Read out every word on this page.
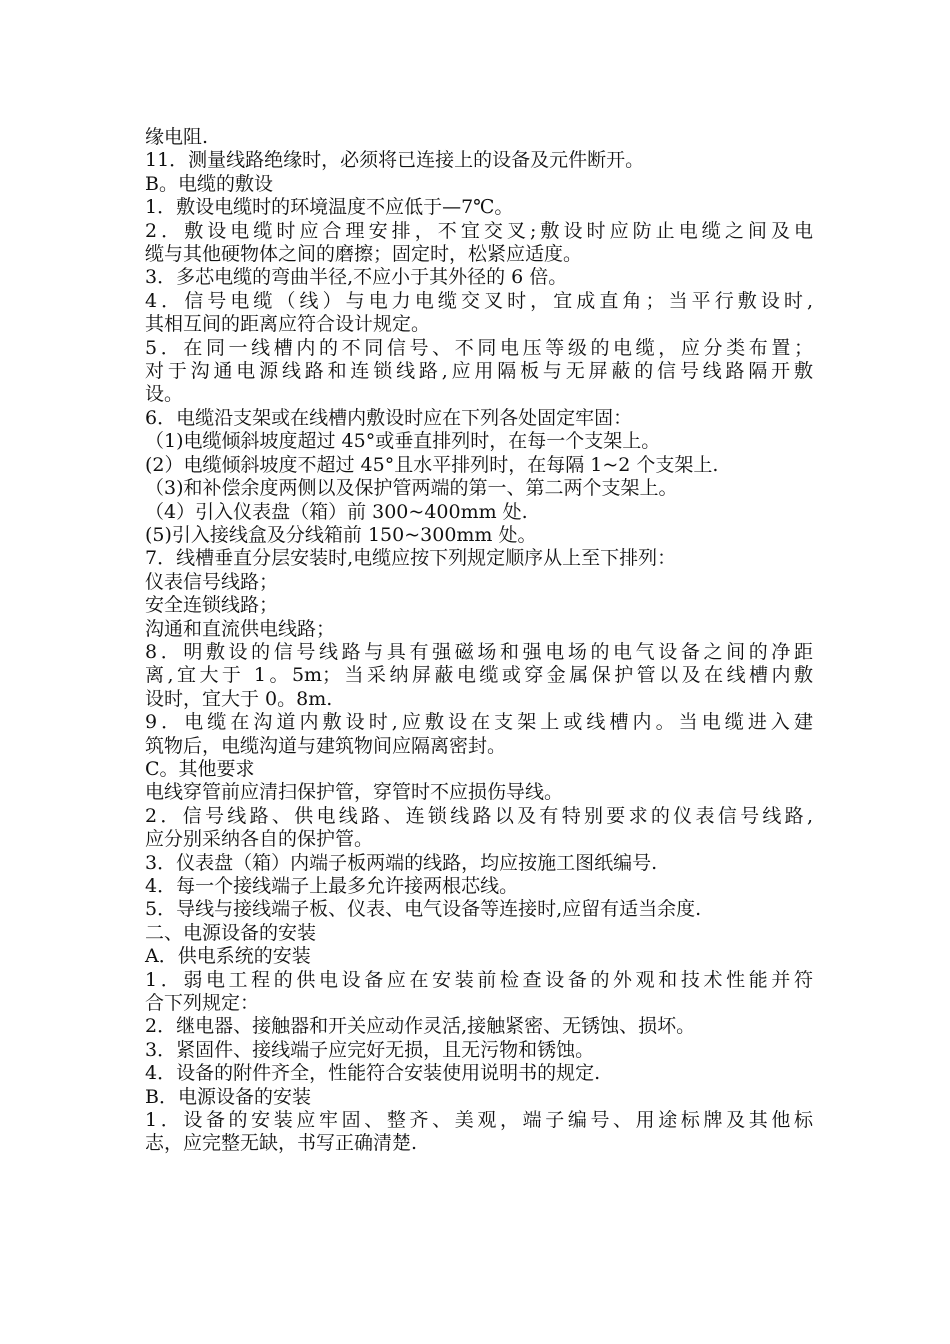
缘电阻.
11．测量线路绝缘时，必须将已连接上的设备及元件断开。
B。电缆的敷设
1．敷设电缆时的环境温度不应低于—7℃。
2．敷设电缆时应合理安排，不宜交叉;敷设时应防止电缆之间及电
缆与其他硬物体之间的磨擦；固定时，松紧应适度。
3．多芯电缆的弯曲半径,不应小于其外径的 6 倍。
4．信号电缆（线）与电力电缆交叉时，宜成直角；当平行敷设时,
其相互间的距离应符合设计规定。
5．在同一线槽内的不同信号、不同电压等级的电缆，应分类布置；
对于沟通电源线路和连锁线路,应用隔板与无屏蔽的信号线路隔开敷
设。
6．电缆沿支架或在线槽内敷设时应在下列各处固定牢固：
（1)电缆倾斜坡度超过 45°或垂直排列时，在每一个支架上。
(2）电缆倾斜坡度不超过 45°且水平排列时，在每隔 1~2 个支架上.
（3)和补偿余度两侧以及保护管两端的第一、第二两个支架上。
（4）引入仪表盘（箱）前 300~400mm 处.
(5)引入接线盒及分线箱前 150~300mm 处。
7．线槽垂直分层安装时,电缆应按下列规定顺序从上至下排列：
仪表信号线路；
安全连锁线路；
沟通和直流供电线路；
8．明敷设的信号线路与具有强磁场和强电场的电气设备之间的净距
离,宜大于 1。5m；当采纳屏蔽电缆或穿金属保护管以及在线槽内敷
设时，宜大于 0。8m.
9．电缆在沟道内敷设时,应敷设在支架上或线槽内。当电缆进入建
筑物后，电缆沟道与建筑物间应隔离密封。
C。其他要求
电线穿管前应清扫保护管，穿管时不应损伤导线。
2．信号线路、供电线路、连锁线路以及有特别要求的仪表信号线路,
应分别采纳各自的保护管。
3．仪表盘（箱）内端子板两端的线路，均应按施工图纸编号.
4．每一个接线端子上最多允许接两根芯线。
5．导线与接线端子板、仪表、电气设备等连接时,应留有适当余度.
二、电源设备的安装
A．供电系统的安装
1．弱电工程的供电设备应在安装前检查设备的外观和技术性能并符
合下列规定：
2．继电器、接触器和开关应动作灵活,接触紧密、无锈蚀、损坏。
3．紧固件、接线端子应完好无损，且无污物和锈蚀。
4．设备的附件齐全，性能符合安装使用说明书的规定.
B．电源设备的安装
1．设备的安装应牢固、整齐、美观，端子编号、用途标牌及其他标
志，应完整无缺，书写正确清楚.
